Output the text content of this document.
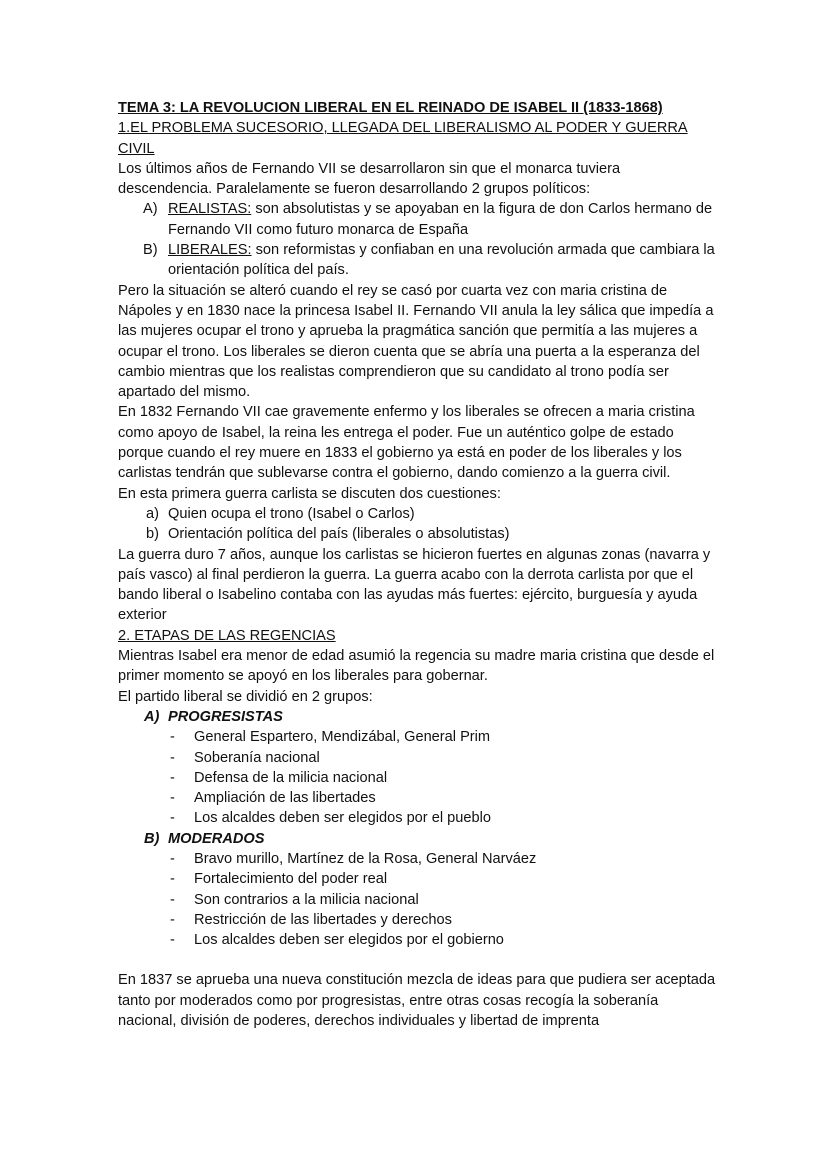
TEMA 3: LA REVOLUCION LIBERAL EN EL REINADO DE ISABEL II (1833-1868)

1.EL PROBLEMA SUCESORIO, LLEGADA DEL LIBERALISMO AL PODER Y GUERRA CIVIL

Los últimos años de Fernando VII se desarrollaron sin que el monarca tuviera descendencia. Paralelamente se fueron desarrollando 2 grupos políticos:

A) REALISTAS: son absolutistas y se apoyaban en la figura de don Carlos hermano de Fernando VII como futuro monarca de España
B) LIBERALES: son reformistas y confiaban en una revolución armada que cambiara la orientación política del país.

Pero la situación se alteró cuando el rey se casó por cuarta vez con maria cristina de Nápoles y en 1830 nace la princesa Isabel II. Fernando VII anula la ley sálica que impedía a las mujeres ocupar el trono y aprueba la pragmática sanción que permitía a las mujeres a ocupar el trono. Los liberales se dieron cuenta que se abría una puerta a la esperanza del cambio mientras que los realistas comprendieron que su candidato al trono podía ser apartado del mismo.

En 1832 Fernando VII cae gravemente enfermo y los liberales se ofrecen a maria cristina como apoyo de Isabel, la reina les entrega el poder. Fue un auténtico golpe de estado porque cuando el rey muere en 1833 el gobierno ya está en poder de los liberales y los carlistas tendrán que sublevarse contra el gobierno, dando comienzo a la guerra civil.

En esta primera guerra carlista se discuten dos cuestiones:

a) Quien ocupa el trono (Isabel o Carlos)
b) Orientación política del país (liberales o absolutistas)

La guerra duro 7 años, aunque los carlistas se hicieron fuertes en algunas zonas (navarra y país vasco) al final perdieron la guerra. La guerra acabo con la derrota carlista por que el bando liberal o Isabelino contaba con las ayudas más fuertes: ejército, burguesía y ayuda exterior

2. ETAPAS DE LAS REGENCIAS

Mientras Isabel era menor de edad asumió la regencia su madre maria cristina que desde el primer momento se apoyó en los liberales para gobernar.

El partido liberal se dividió en 2 grupos:

A) PROGRESISTAS
- General Espartero, Mendizábal, General Prim
- Soberanía nacional
- Defensa de la milicia nacional
- Ampliación de las libertades
- Los alcaldes deben ser elegidos por el pueblo
B) MODERADOS
- Bravo murillo, Martínez de la Rosa, General Narváez
- Fortalecimiento del poder real
- Son contrarios a la milicia nacional
- Restricción de las libertades y derechos
- Los alcaldes deben ser elegidos por el gobierno

En 1837 se aprueba una nueva constitución mezcla de ideas para que pudiera ser aceptada tanto por moderados como por progresistas, entre otras cosas recogía la soberanía nacional, división de poderes, derechos individuales y libertad de imprenta
